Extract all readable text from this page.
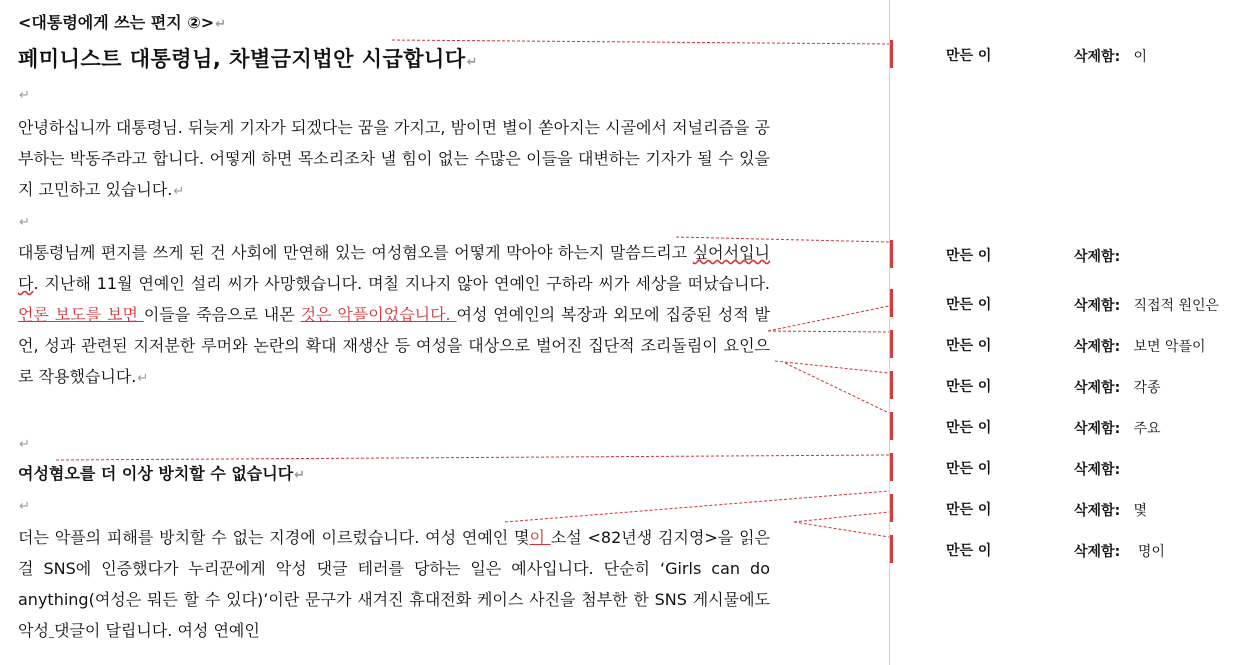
<대통령에게 쓰는 편지 ②>↵
페미니스트 대통령님, 차별금지법안 시급합니다↵
↵

안녕하십니까 대통령님. 뒤늦게 기자가 되겠다는 꿈을 가지고, 밤이면 별이 쏟아지는 시골에서 저널리즘을 공부하는 박동주라고 합니다. 어떻게 하면 목소리조차 낼 힘이 없는 수많은 이들을 대변하는 기자가 될 수 있을지 고민하고 있습니다.↵

↵

대통령님께 편지를 쓰게 된 건 사회에 만연해 있는 여성혐오를 어떻게 막아야 하는지 말씀드리고 싶어서입니다. 지난해 11월 연예인 설리 씨가 사망했습니다. 며칠 지나지 않아 연예인 구하라 씨가 세상을 떠났습니다. 언론 보도를 보면 이들을 죽음으로 내몬 것은 악플이었습니다. 여성 연예인의 복장과 외모에 집중된 성적 발언, 성과 관련된 지저분한 루머와 논란의 확대 재생산 등 여성을 대상으로 벌어진 집단적 조리돌림이 요인으로 작용했습니다.↵

↵
여성혐오를 더 이상 방치할 수 없습니다↵
↵

더는 악플의 피해를 방치할 수 없는 지경에 이르렀습니다. 여성 연예인 몇이 소설 <82년생 김지영>을 읽은 걸 SNS에 인증했다가 누리꾼에게 악성 댓글 테러를 당하는 일은 예사입니다. 단순히 ‘Girls can do anything(여성은 뭐든 할 수 있다)’이란 문구가 새겨진 휴대전화 케이스 사진을 첨부한 한 SNS 게시물에도 악성 댓글이 달립니다. 여성 연예인

만든 이	삭제함: 이
만든 이	삭제함:
만든 이	삭제함: 직접적 원인은
만든 이	삭제함: 보면 악플이
만든 이	삭제함: 각종
만든 이	삭제함: 주요
만든 이	삭제함:
만든 이	삭제함: 몇
만든 이	삭제함: 명이
